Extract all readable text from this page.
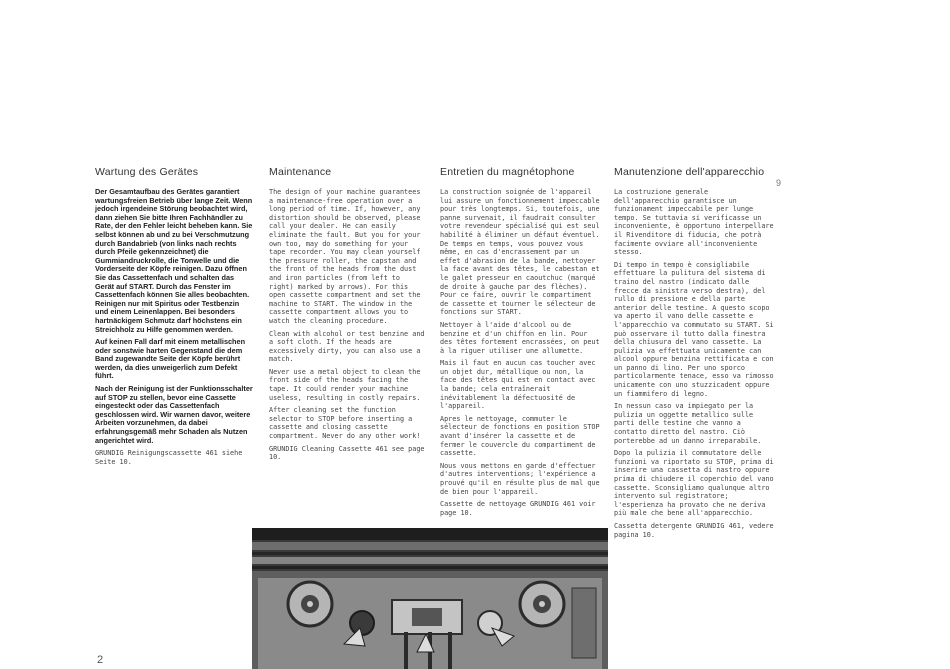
Wartung des Gerätes

Der Gesamtaufbau des Gerätes garantiert wartungsfreien Betrieb über lange Zeit. Wenn jedoch irgendeine Störung beobachtet wird, dann ziehen Sie bitte Ihren Fachhändler zu Rate, der den Fehler leicht beheben kann. Sie selbst können ab und zu bei Verschmutzung durch Bandabrieb (von links nach rechts durch Pfeile gekennzeichnet) die Gummiandruckrolle, die Tonwelle und die Vorderseite der Köpfe reinigen. Dazu öffnen Sie das Cassettenfach und schalten das Gerät auf START. Durch das Fenster im Cassettenfach können Sie alles beobachten. Reinigen nur mit Spiritus oder Testbenzin und einem Leinenlappen. Bei besonders hartnäckigem Schmutz darf höchstens ein Streichholz zu Hilfe genommen werden.

Auf keinen Fall darf mit einem metallischen oder sonstwie harten Gegenstand die dem Band zugewandte Seite der Köpfe berührt werden, da dies unweigerlich zum Defekt führt.

Nach der Reinigung ist der Funktionsschalter auf STOP zu stellen, bevor eine Cassette eingesteckt oder das Cassettenfach geschlossen wird. Wir warnen davor, weitere Arbeiten vorzunehmen, da dabei erfahrungsgemäß mehr Schaden als Nutzen angerichtet wird.

GRUNDIG Reinigungscassette 461 siehe Seite 10.

Maintenance

The design of your machine guarantees a maintenance-free operation over a long period of time. If, however, any distortion should be observed, please call your dealer. He can easily eliminate the fault. But you for your own too, may do something for your tape recorder. You may clean yourself the pressure roller, the capstan and the front of the heads from the dust and iron particles (from left to right) marked by arrows). For this open cassette compartment and set the machine to START. The window in the cassette compartment allows you to watch the cleaning procedure.

Clean with alcohol or test benzine and a soft cloth. If the heads are excessively dirty, you can also use a match.

Never use a metal object to clean the front side of the heads facing the tape. It could render your machine useless, resulting in costly repairs.

After cleaning set the function selector to STOP before inserting a cassette and closing cassette compartment. Never do any other work!

GRUNDIG Cleaning Cassette 461 see page 10.

Entretien du magnétophone

La construction soignée de l'appareil lui assure un fonctionnement impeccable pour très longtemps. Si, toutefois, une panne survenait, il faudrait consulter votre revendeur spécialisé qui est seul habilité à éliminer un défaut éventuel. De temps en temps, vous pouvez vous même, en cas d'encrassement par un effet d'abrasion de la bande, nettoyer la face avant des têtes, le cabestan et le galet presseur en caoutchuc (marqué de droite à gauche par des flèches). Pour ce faire, ouvrir le compartiment de cassette et tourner le sélecteur de fonctions sur START.

Nettoyer à l'aide d'alcool ou de benzine et d'un chiffon en lin. Pour des têtes fortement encrassées, on peut à la riguer utiliser une allumette.

Mais il faut en aucun cas toucher avec un objet dur, métallique ou non, la face des têtes qui est en contact avec la bande; cela entraînerait inévitablement la défectuosité de l'appareil.

Apres le nettoyage, commuter le sélecteur de fonctions en position STOP avant d'insérer la cassette et de fermer le couvercle du compartiment de cassette.

Nous vous mettons en garde d'effectuer d'autres interventions; l'expérience a prouvé qu'il en résulte plus de mal que de bien pour l'appareil.

Cassette de nettoyage GRUNDIG 461 voir page 10.

Manutenzione dell'apparecchio

La costruzione generale dell'apparecchio garantisce un funzionament impeccabile per lunge tempo. Se tuttavia si verificasse un inconveniente, è opportuno interpellare il Rivenditore di fiducia, che potrà facimente ovviare all'inconveniente stesso.

Di tempo in tempo è consigliabile effettuare la pulitura del sistema di traino del nastro (indicato dalle frecce da sinistra verso destra), del rullo di pressione e della parte anterior delle testine. A questo scopo va aperto il vano delle cassette e l'apparecchio va commutato su START. Si può osservare il tutto dalla finestra della chiusura del vano cassette. La pulizia va effettuata unicamente can alcool oppure benzina rettificata e con un panno di lino. Per uno sporco particolarmente tenace, esso va rimosso unicamente con uno stuzzicadent oppure un fiammifero di legno.

In nessun caso va impiegato per la pulizia un oggette metallico sulle parti delle testine che vanno a contatto diretto del nastro. Ciò porterebbe ad un danno irreparabile.

Dopo la pulizia il commutatore delle funzioni va riportato su STOP, prima di inserire una cassetta di nastro oppure prima di chiudere il coperchio del vano cassette. Sconsigliamo qualunque altro intervento sul registratore; l'esperienza ha provato che ne deriva più male che bene all'apparecchio.

Cassetta detergente GRUNDIG 461, vedere pagina 10.

9
2
